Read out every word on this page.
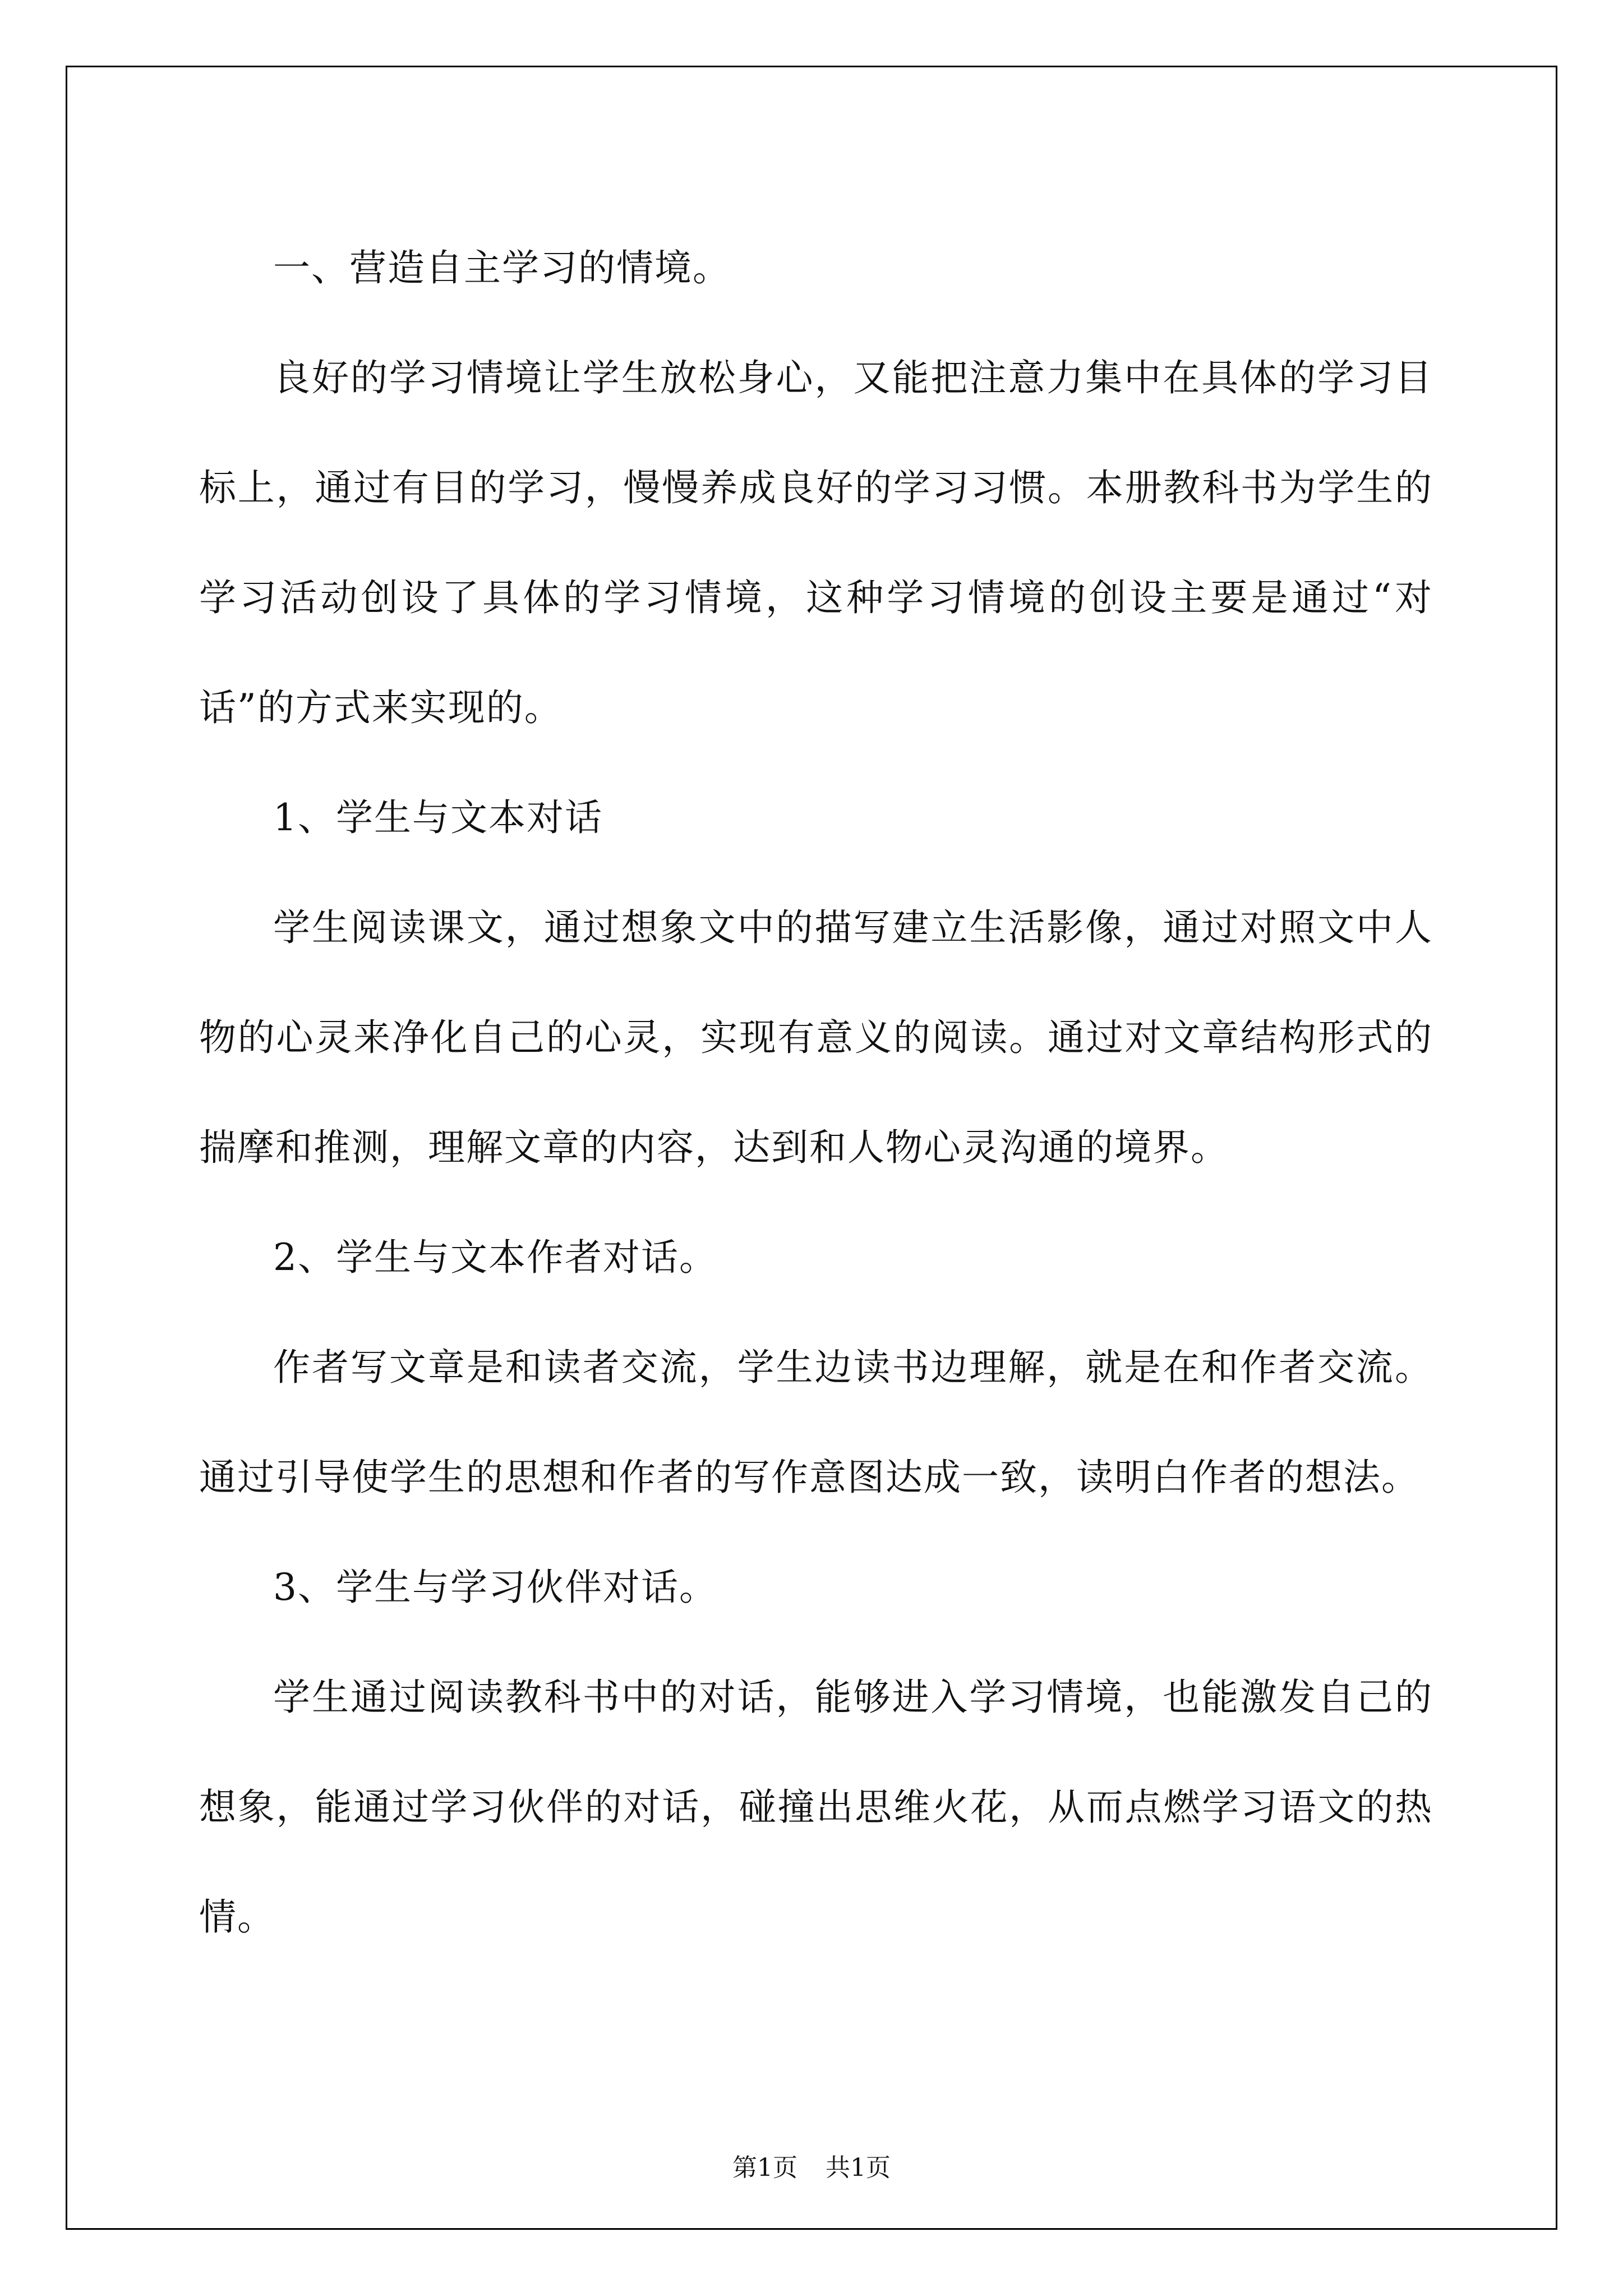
一、营造自主学习的情境。

良好的学习情境让学生放松身心，又能把注意力集中在具体的学习目标上，通过有目的学习，慢慢养成良好的学习习惯。本册教科书为学生的学习活动创设了具体的学习情境，这种学习情境的创设主要是通过“对话”的方式来实现的。

1、学生与文本对话

学生阅读课文，通过想象文中的描写建立生活影像，通过对照文中人物的心灵来净化自己的心灵，实现有意义的阅读。通过对文章结构形式的揣摩和推测，理解文章的内容，达到和人物心灵沟通的境界。

2、学生与文本作者对话。

作者写文章是和读者交流，学生边读书边理解，就是在和作者交流。通过引导使学生的思想和作者的写作意图达成一致，读明白作者的想法。

3、学生与学习伙伴对话。

学生通过阅读教科书中的对话，能够进入学习情境，也能激发自己的想象，能通过学习伙伴的对话，碰撞出思维火花，从而点燃学习语文的热情。

第1页 共1页
